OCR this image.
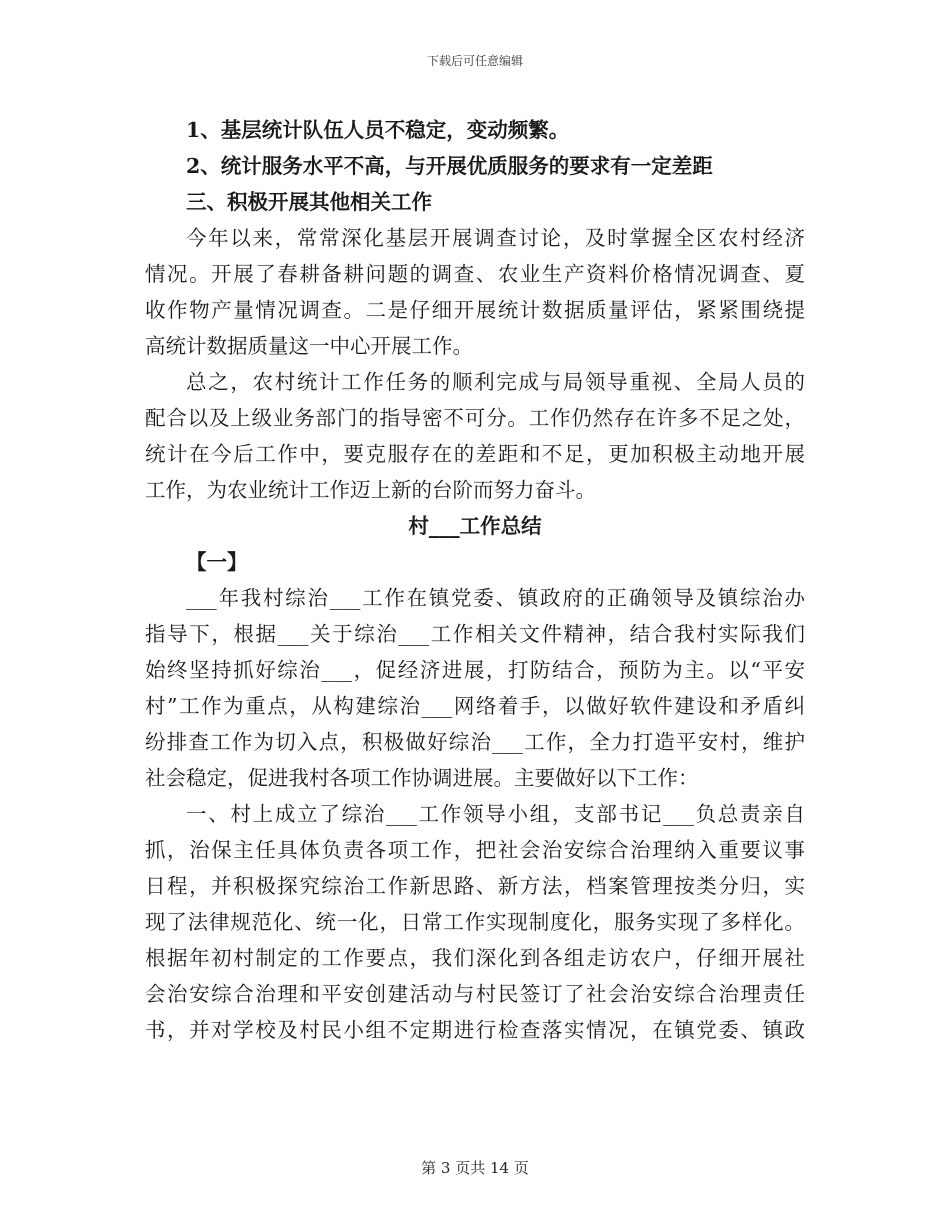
下载后可任意编辑
1、基层统计队伍人员不稳定，变动频繁。
2、统计服务水平不高，与开展优质服务的要求有一定差距
三、积极开展其他相关工作
今年以来，常常深化基层开展调查讨论，及时掌握全区农村经济
情况。开展了春耕备耕问题的调查、农业生产资料价格情况调查、夏
收作物产量情况调查。二是仔细开展统计数据质量评估，紧紧围绕提
高统计数据质量这一中心开展工作。
总之，农村统计工作任务的顺利完成与局领导重视、全局人员的
配合以及上级业务部门的指导密不可分。工作仍然存在许多不足之处，
统计在今后工作中，要克服存在的差距和不足，更加积极主动地开展
工作，为农业统计工作迈上新的台阶而努力奋斗。
村___工作总结
【一】
___年我村综治___工作在镇党委、镇政府的正确领导及镇综治办
指导下，根据___关于综治___工作相关文件精神，结合我村实际我们
始终坚持抓好综治___，促经济进展，打防结合，预防为主。以“平安
村”工作为重点，从构建综治___网络着手，以做好软件建设和矛盾纠
纷排查工作为切入点，积极做好综治___工作，全力打造平安村，维护
社会稳定，促进我村各项工作协调进展。主要做好以下工作：
一、村上成立了综治___工作领导小组，支部书记___负总责亲自
抓，治保主任具体负责各项工作，把社会治安综合治理纳入重要议事
日程，并积极探究综治工作新思路、新方法，档案管理按类分归，实
现了法律规范化、统一化，日常工作实现制度化，服务实现了多样化。
根据年初村制定的工作要点，我们深化到各组走访农户，仔细开展社
会治安综合治理和平安创建活动与村民签订了社会治安综合治理责任
书，并对学校及村民小组不定期进行检查落实情况，在镇党委、镇政
第 3 页共 14 页
